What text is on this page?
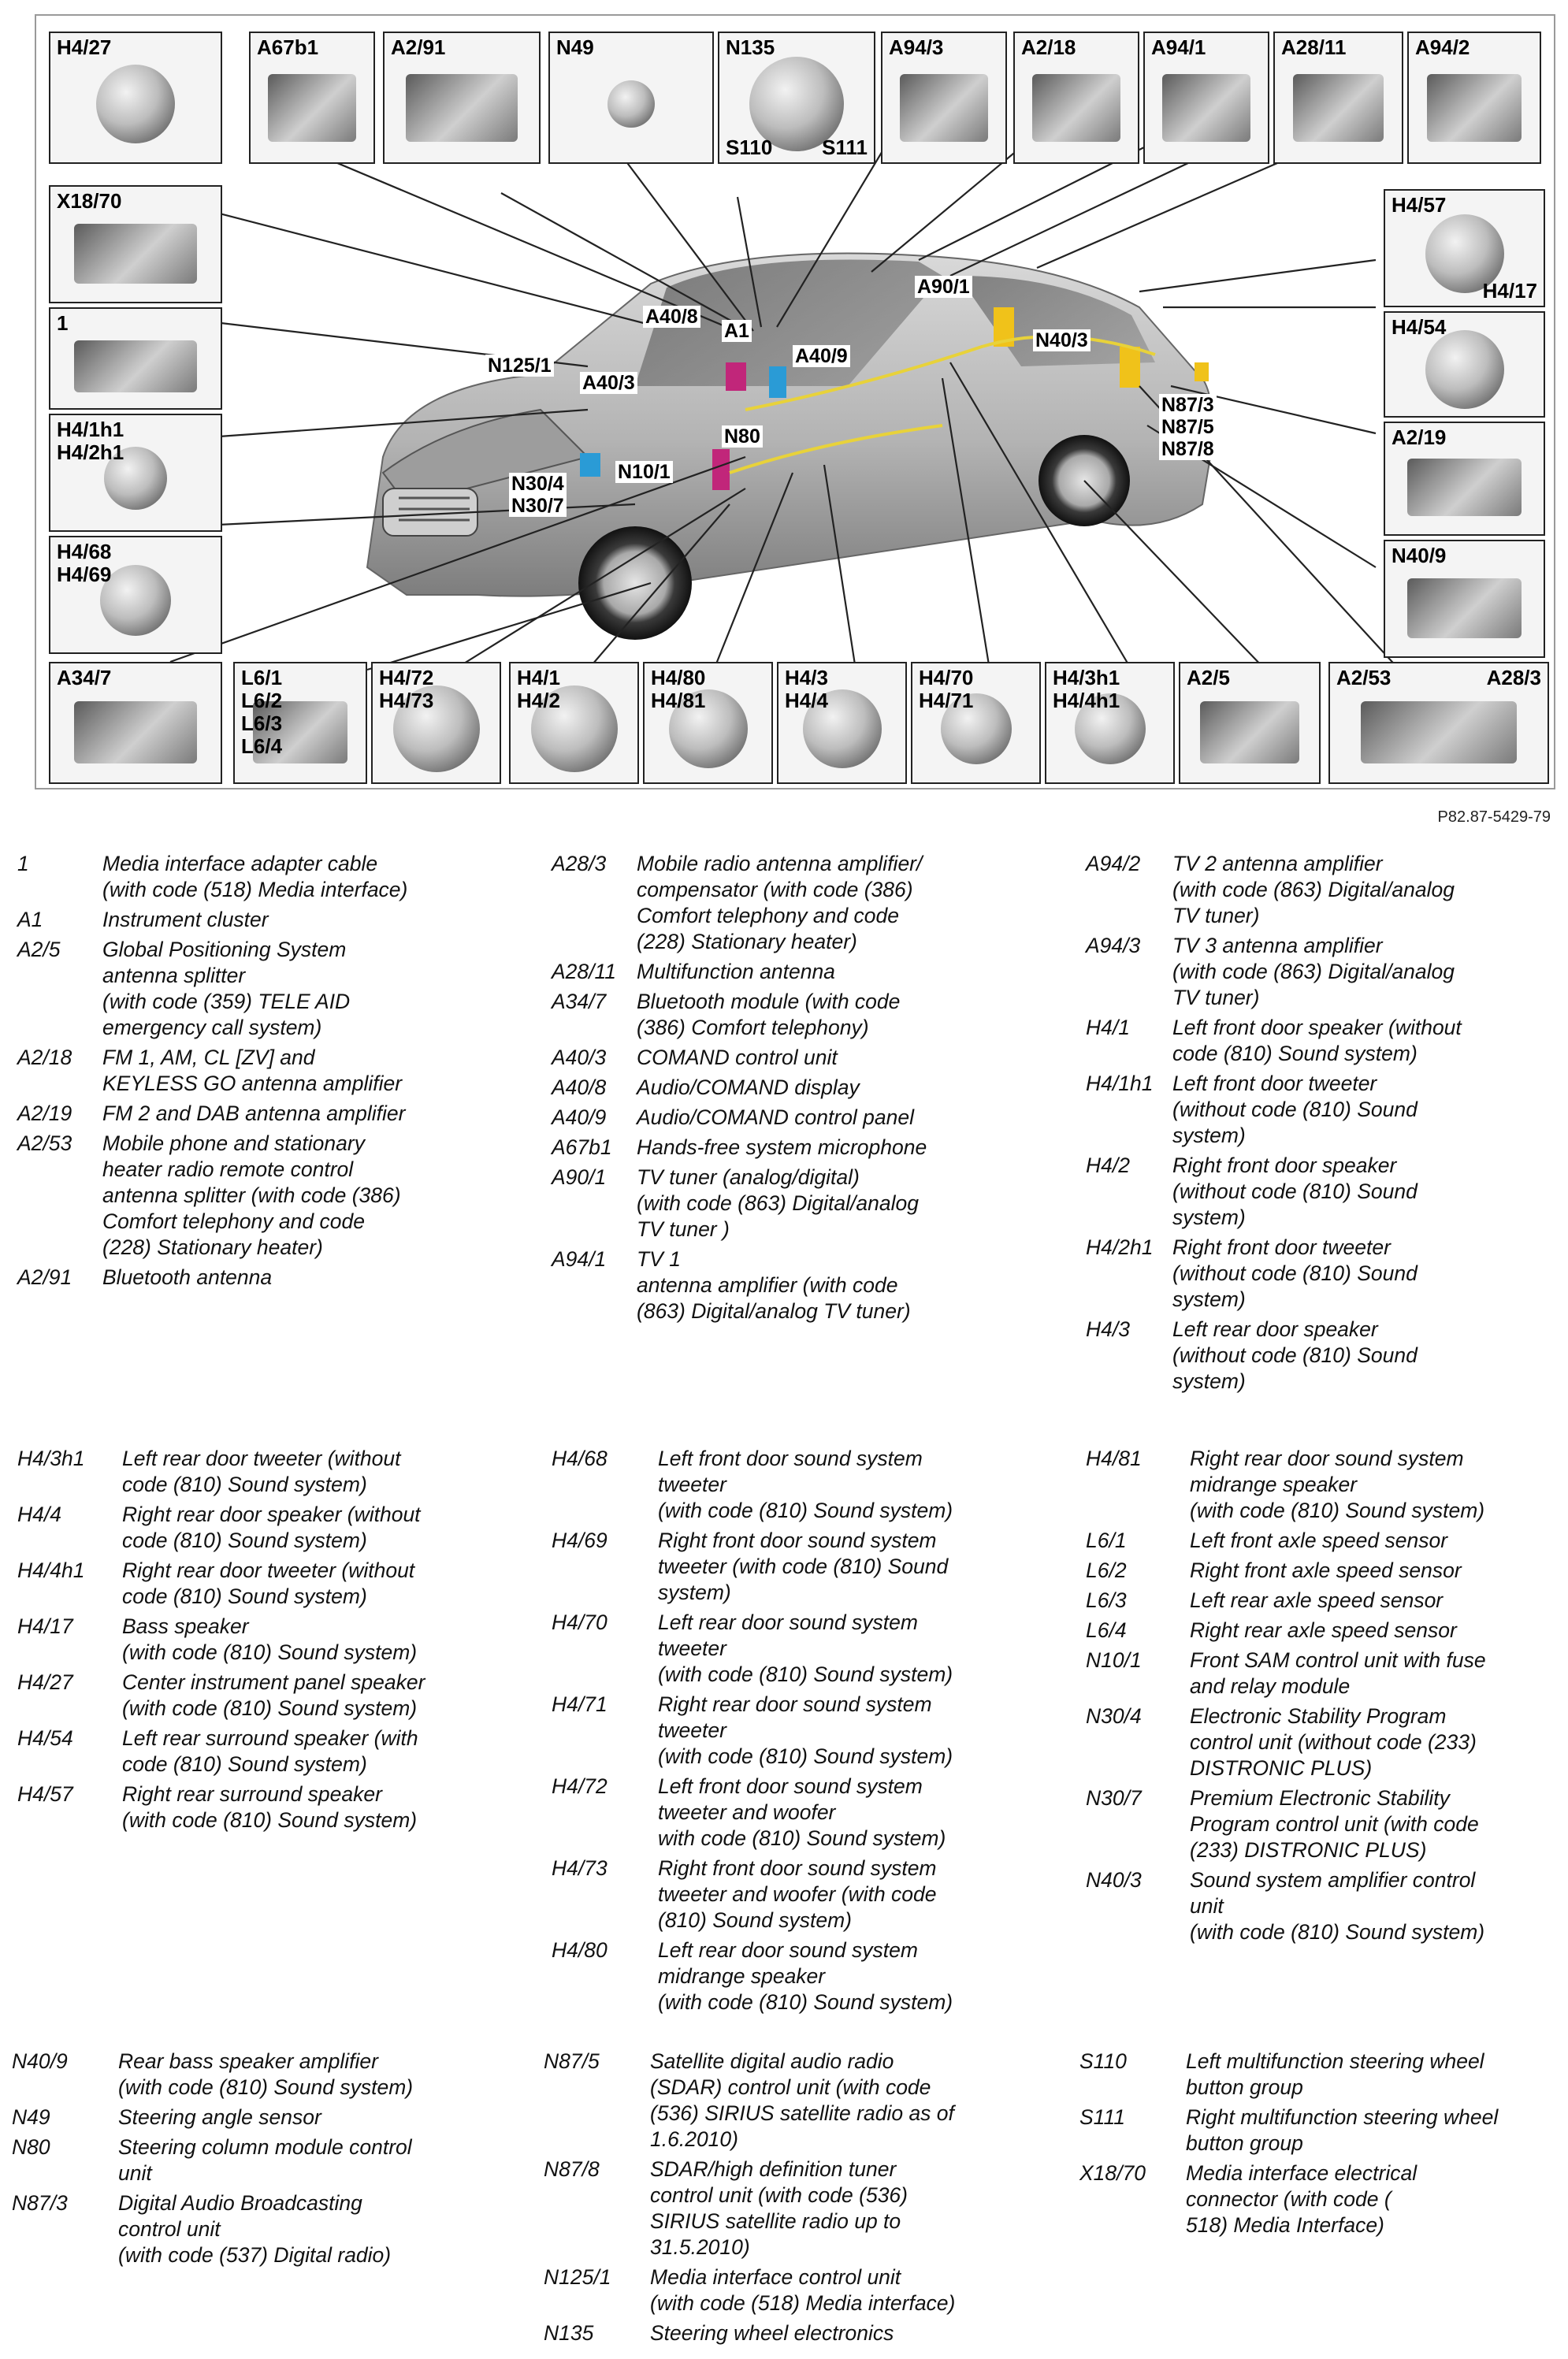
H4/27	A67b1	A2/91	N49	N135
S110 S111
A94/3	A2/18	A94/1	A28/11	A94/2
X18/70
1
H4/1h1
H4/2h1
H4/68
H4/69
H4/57
H4/17
H4/54
A2/19
N40/9
A34/7	L6/1
L6/2
L6/3
L6/4
H4/72
H4/73
H4/1
H4/2
H4/80
H4/81
H4/3
H4/4
H4/70
H4/71
H4/3h1
H4/4h1
A2/5	A2/53	A28/3
A90/1
A40/8
A1
A40/9
N40/3
N125/1
A40/3
N80
N87/3
N87/5
N87/8
N10/1
N30/4
N30/7
P82.87-5429-79
1	Media interface adapter cable
(with code (518) Media interface)
A1	Instrument cluster
A2/5 Global Positioning System
antenna splitter
(with code (359) TELE AID
emergency call system)
A2/18 FM 1, AM, CL [ZV] and
KEYLESS GO antenna amplifier
A2/19 FM 2 and DAB antenna amplifier
A2/53 Mobile phone and stationary
heater radio remote control
antenna splitter (with code (386)
Comfort telephony and code
(228) Stationary heater)
A2/91 Bluetooth antenna
A28/3 Mobile radio antenna amplifier/
compensator (with code (386)
Comfort telephony and code
(228) Stationary heater)
A28/11 Multifunction antenna
A34/7 Bluetooth module (with code
(386) Comfort telephony)
A40/3 COMAND control unit
A40/8 Audio/COMAND display
A40/9 Audio/COMAND control panel
A67b1 Hands-free system microphone
A90/1 TV tuner (analog/digital)
(with code (863) Digital/analog
TV tuner )
A94/1 TV 1
antenna amplifier (with code
(863) Digital/analog TV tuner)
A94/2 TV 2 antenna amplifier
(with code (863) Digital/analog
TV tuner)
A94/3 TV 3 antenna amplifier
(with code (863) Digital/analog
TV tuner)
H4/1 Left front door speaker (without
code (810) Sound system)
H4/1h1 Left front door tweeter
(without code (810) Sound
system)
H4/2 Right front door speaker
(without code (810) Sound
system)
H4/2h1 Right front door tweeter
(without code (810) Sound
system)
H4/3 Left rear door speaker
(without code (810) Sound
system)
H4/3h1 Left rear door tweeter (without
code (810) Sound system)
H4/4	Right rear door speaker (without
code (810) Sound system)
H4/4h1 Right rear door tweeter (without
code (810) Sound system)
H4/17 Bass speaker
(with code (810) Sound system)
H4/27 Center instrument panel speaker
(with code (810) Sound system)
H4/54 Left rear surround speaker (with
code (810) Sound system)
H4/57 Right rear surround speaker
(with code (810) Sound system)
H4/68 Left front door sound system
tweeter
(with code (810) Sound system)
H4/69 Right front door sound system
tweeter (with code (810) Sound
system)
H4/70 Left rear door sound system
tweeter
(with code (810) Sound system)
H4/71 Right rear door sound system
tweeter
(with code (810) Sound system)
H4/72 Left front door sound system
tweeter and woofer
with code (810) Sound system)
H4/73 Right front door sound system
tweeter and woofer (with code
(810) Sound system)
H4/80 Left rear door sound system
midrange speaker
(with code (810) Sound system)
H4/81 Right rear door sound system
midrange speaker
(with code (810) Sound system)
L6/1	Left front axle speed sensor
L6/2	Right front axle speed sensor
L6/3	Left rear axle speed sensor
L6/4	Right rear axle speed sensor
N10/1 Front SAM control unit with fuse
and relay module
N30/4 Electronic Stability Program
control unit (without code (233)
DISTRONIC PLUS)
N30/7 Premium Electronic Stability
Program control unit (with code
(233) DISTRONIC PLUS)
N40/3 Sound system amplifier control
unit
(with code (810) Sound system)
N40/9 Rear bass speaker amplifier
(with code (810) Sound system)
N49	Steering angle sensor
N80	Steering column module control
unit
N87/3 Digital Audio Broadcasting
control unit
(with code (537) Digital radio)
N87/5 Satellite digital audio radio
(SDAR) control unit (with code
(536) SIRIUS satellite radio as of
1.6.2010)
N87/8 SDAR/high definition tuner
control unit (with code (536)
SIRIUS satellite radio up to
31.5.2010)
N125/1 Media interface control unit
(with code (518) Media interface)
N135	Steering wheel electronics
S110	Left multifunction steering wheel
button group
S111	Right multifunction steering wheel
button group
X18/70 Media interface electrical
connector (with code (
518) Media Interface)
